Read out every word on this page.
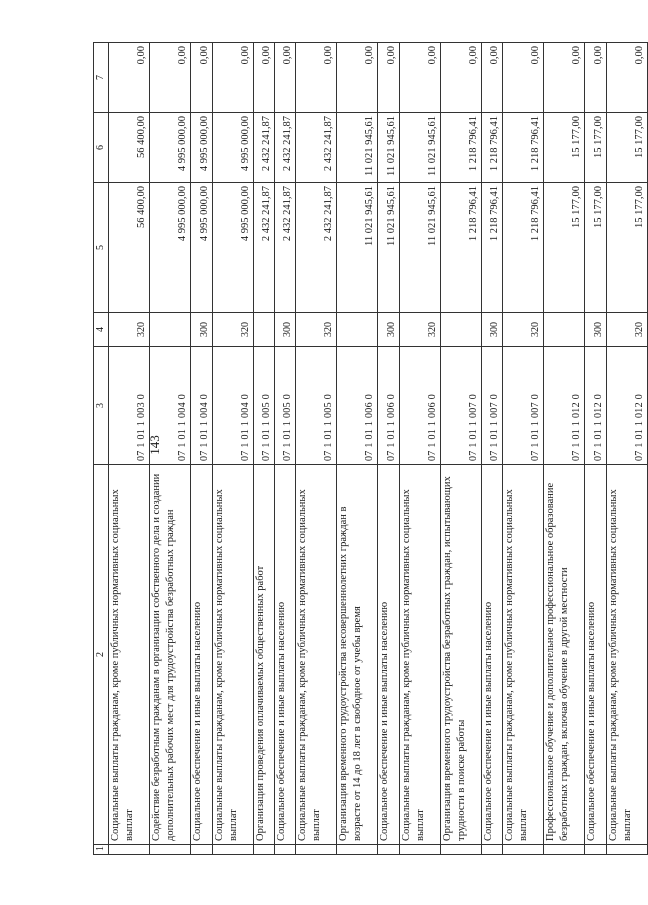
143
1	2	3	4	5	6	7
	Социальные выплаты гражданам, кроме публичных нормативных социальных выплат	07 1 01 1 003 0	320	56 400,00	56 400,00	0,00
	Содействие безработным гражданам в организации собственного дела и создании дополнительных рабочих мест для трудоустройства безработных граждан	07 1 01 1 004 0		4 995 000,00	4 995 000,00	0,00
	Социальное обеспечение и иные выплаты населению	07 1 01 1 004 0	300	4 995 000,00	4 995 000,00	0,00
	Социальные выплаты гражданам, кроме публичных нормативных социальных выплат	07 1 01 1 004 0	320	4 995 000,00	4 995 000,00	0,00
	Организация проведения оплачиваемых общественных работ	07 1 01 1 005 0		2 432 241,87	2 432 241,87	0,00
	Социальное обеспечение и иные выплаты населению	07 1 01 1 005 0	300	2 432 241,87	2 432 241,87	0,00
	Социальные выплаты гражданам, кроме публичных нормативных социальных выплат	07 1 01 1 005 0	320	2 432 241,87	2 432 241,87	0,00
	Организация временного трудоустройства несовершеннолетних граждан в возрасте от 14 до 18 лет в свободное от учебы время	07 1 01 1 006 0		11 021 945,61	11 021 945,61	0,00
	Социальное обеспечение и иные выплаты населению	07 1 01 1 006 0	300	11 021 945,61	11 021 945,61	0,00
	Социальные выплаты гражданам, кроме публичных нормативных социальных выплат	07 1 01 1 006 0	320	11 021 945,61	11 021 945,61	0,00
	Организация временного трудоустройства безработных граждан, испытывающих трудности в поиске работы	07 1 01 1 007 0		1 218 796,41	1 218 796,41	0,00
	Социальное обеспечение и иные выплаты населению	07 1 01 1 007 0	300	1 218 796,41	1 218 796,41	0,00
	Социальные выплаты гражданам, кроме публичных нормативных социальных выплат	07 1 01 1 007 0	320	1 218 796,41	1 218 796,41	0,00
	Профессиональное обучение и дополнительное профессиональное образование безработных граждан, включая обучение в другой местности	07 1 01 1 012 0		15 177,00	15 177,00	0,00
	Социальное обеспечение и иные выплаты населению	07 1 01 1 012 0	300	15 177,00	15 177,00	0,00
	Социальные выплаты гражданам, кроме публичных нормативных социальных выплат	07 1 01 1 012 0	320	15 177,00	15 177,00	0,00
